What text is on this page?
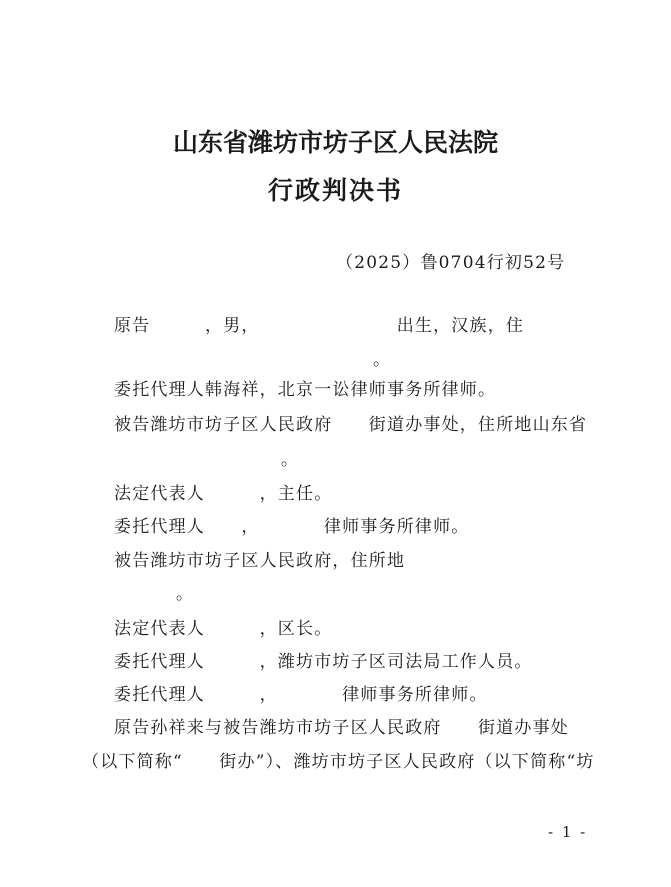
山东省潍坊市坊子区人民法院
行政判决书
（2025）鲁0704行初52号
原告　　　，男，　　　　　　　　出生，汉族，住
。
委托代理人韩海祥，北京一讼律师事务所律师。
被告潍坊市坊子区人民政府　　街道办事处，住所地山东省
。
法定代表人　　　，主任。
委托代理人　　，　　　　律师事务所律师。
被告潍坊市坊子区人民政府，住所地
。
法定代表人　　　，区长。
委托代理人　　　，潍坊市坊子区司法局工作人员。
委托代理人　　　，　　　　律师事务所律师。
原告孙祥来与被告潍坊市坊子区人民政府　　街道办事处
（以下简称“　　街办”）、潍坊市坊子区人民政府（以下简称“坊
- 1 -
